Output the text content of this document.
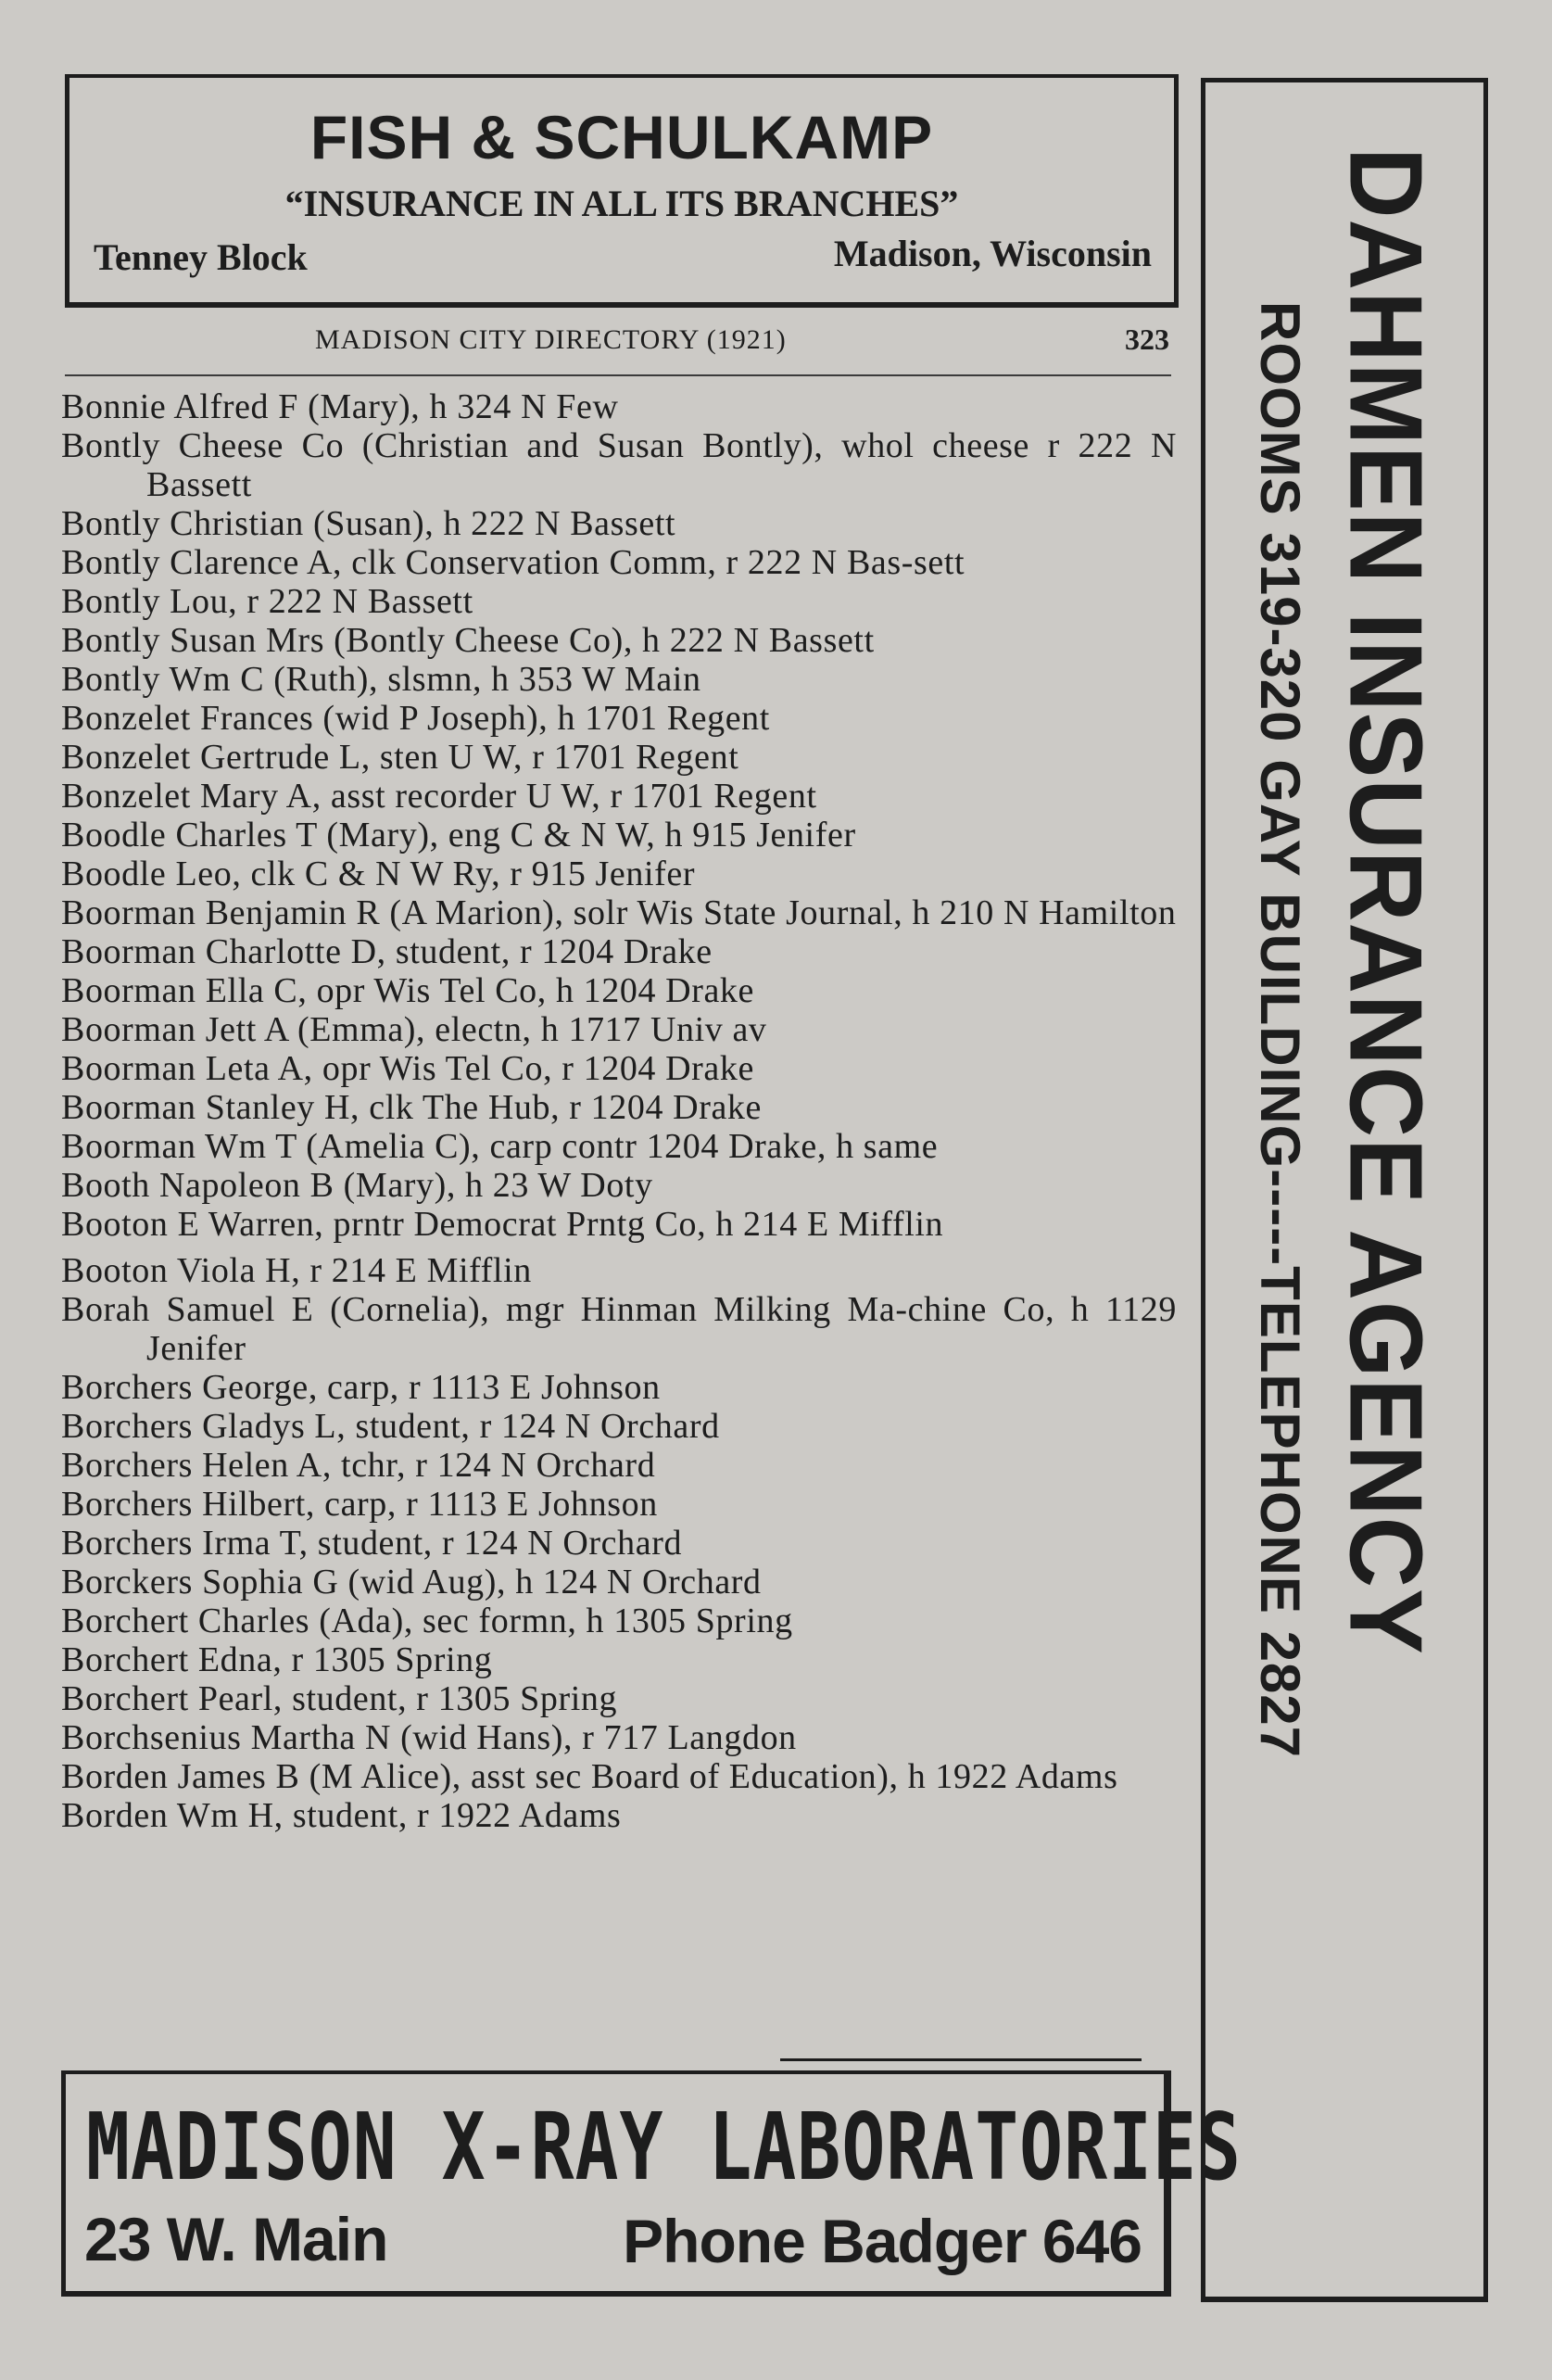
FISH & SCHULKAMP
“INSURANCE IN ALL ITS BRANCHES”
Tenney Block	Madison, Wisconsin
MADISON CITY DIRECTORY (1921)	323

Bonnie Alfred F (Mary), h 324 N Few

Bontly Cheese Co (Christian and Susan Bontly), whol cheese r 222 N Bassett

Bontly Christian (Susan), h 222 N Bassett

Bontly Clarence A, clk Conservation Comm, r 222 N Bas-sett

Bontly Lou, r 222 N Bassett

Bontly Susan Mrs (Bontly Cheese Co), h 222 N Bassett

Bontly Wm C (Ruth), slsmn, h 353 W Main

Bonzelet Frances (wid P Joseph), h 1701 Regent

Bonzelet Gertrude L, sten U W, r 1701 Regent

Bonzelet Mary A, asst recorder U W, r 1701 Regent

Boodle Charles T (Mary), eng C & N W, h 915 Jenifer

Boodle Leo, clk C & N W Ry, r 915 Jenifer

Boorman Benjamin R (A Marion), solr Wis State Journal, h 210 N Hamilton

Boorman Charlotte D, student, r 1204 Drake

Boorman Ella C, opr Wis Tel Co, h 1204 Drake

Boorman Jett A (Emma), electn, h 1717 Univ av

Boorman Leta A, opr Wis Tel Co, r 1204 Drake

Boorman Stanley H, clk The Hub, r 1204 Drake

Boorman Wm T (Amelia C), carp contr 1204 Drake, h same

Booth Napoleon B (Mary), h 23 W Doty

Booton E Warren, prntr Democrat Prntg Co, h 214 E Mifflin

Booton Viola H, r 214 E Mifflin

Borah Samuel E (Cornelia), mgr Hinman Milking Ma-chine Co, h 1129 Jenifer

Borchers George, carp, r 1113 E Johnson

Borchers Gladys L, student, r 124 N Orchard

Borchers Helen A, tchr, r 124 N Orchard

Borchers Hilbert, carp, r 1113 E Johnson

Borchers Irma T, student, r 124 N Orchard

Borckers Sophia G (wid Aug), h 124 N Orchard

Borchert Charles (Ada), sec formn, h 1305 Spring

Borchert Edna, r 1305 Spring

Borchert Pearl, student, r 1305 Spring

Borchsenius Martha N (wid Hans), r 717 Langdon

Borden James B (M Alice), asst sec Board of Education), h 1922 Adams

Borden Wm H, student, r 1922 Adams

MADISON X-RAY LABORATORIES
23 W. Main	Phone Badger 646
DAHMEN INSURANCE AGENCY
ROOMS 319-320 GAY BUILDING-----TELEPHONE 2827
